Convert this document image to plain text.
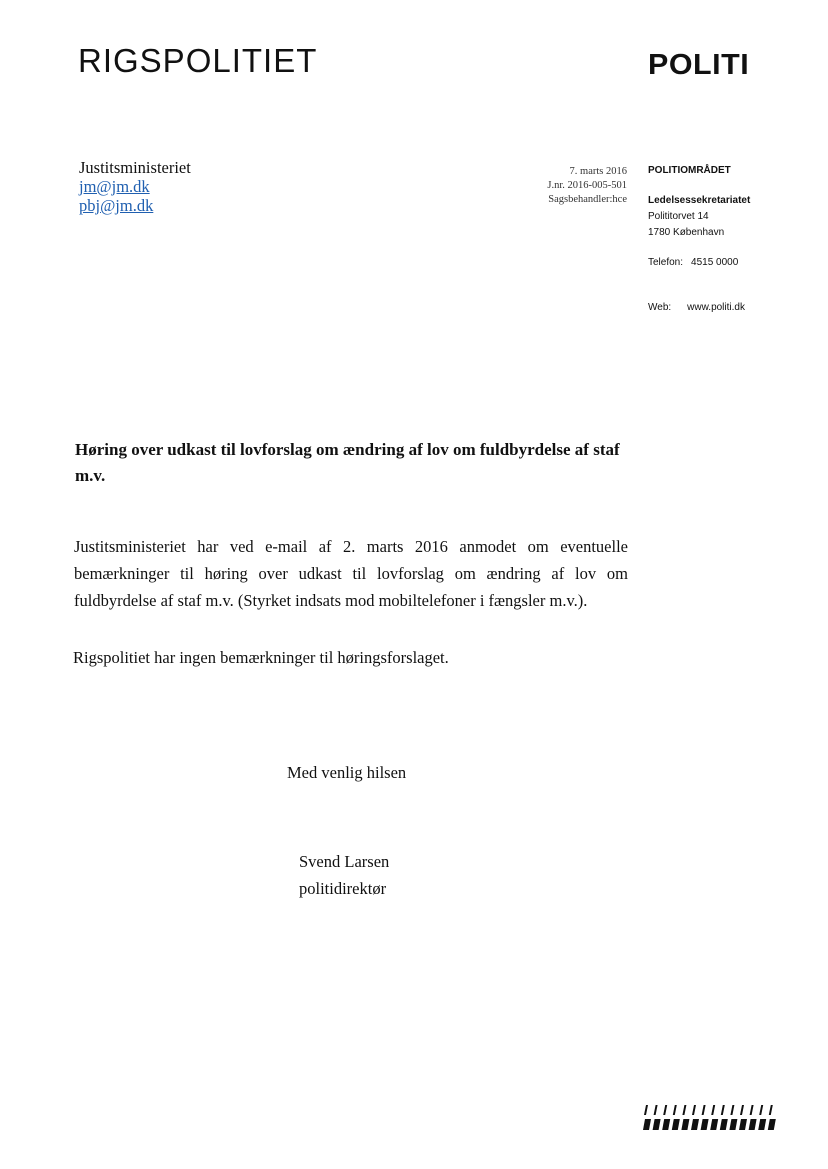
RIGSPOLITIET	POLITI
Justitsministeriet
jm@jm.dk
pbj@jm.dk
7. marts 2016
J.nr. 2016-005-501
Sagsbehandler:hce
POLITIOMRÅDET
Ledelsessekretariatet
Polititorvet 14
1780 København
Telefon: 4515 0000
Web: www.politi.dk
Høring over udkast til lovforslag om ændring af lov om fuldbyrdelse af staf m.v.
Justitsministeriet har ved e-mail af 2. marts 2016 anmodet om eventuelle bemærkninger til høring over udkast til lovforslag om ændring af lov om fuldbyrdelse af staf m.v. (Styrket indsats mod mobiltelefoner i fængsler m.v.).
Rigspolitiet har ingen bemærkninger til høringsforslaget.
Med venlig hilsen
Svend Larsen
politidirektør
